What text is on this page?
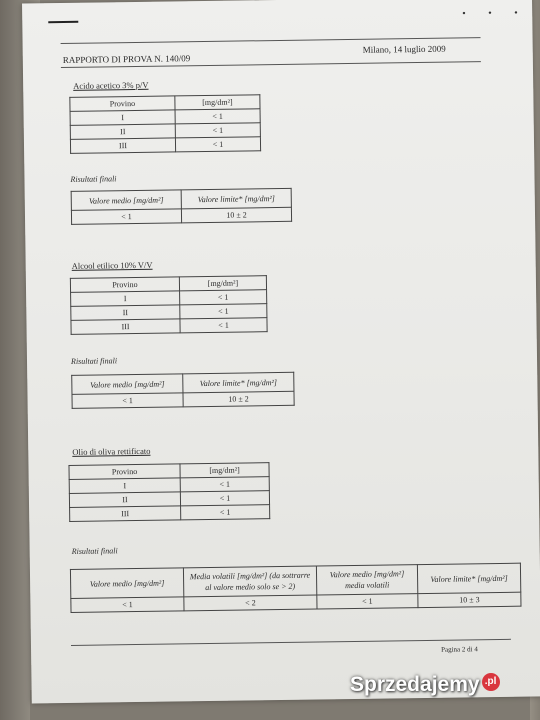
• • •
RAPPORTO DI PROVA N. 140/09
Milano, 14 luglio 2009
Acido acetico 3% p/V
Provino	[mg/dm²]
I	< 1
II	< 1
III	< 1
Risultati finali
Valore medio [mg/dm²]	Valore limite* [mg/dm²]
< 1	10 ± 2
Alcool etilico 10% V/V
Provino	[mg/dm²]
I	< 1
II	< 1
III	< 1
Risultati finali
Valore medio [mg/dm²]	Valore limite* [mg/dm²]
< 1	10 ± 2
Olio di oliva rettificato
Provino	[mg/dm²]
I	< 1
II	< 1
III	< 1
Risultati finali
Valore medio [mg/dm²]	Media volatili [mg/dm²] (da sottrarre al valore medio solo se > 2)	Valore medio [mg/dm²] media volatili	Valore limite* [mg/dm²]
< 1	< 2	< 1	10 ± 3
Pagina 2 di 4
Sprzedajemy .pl
